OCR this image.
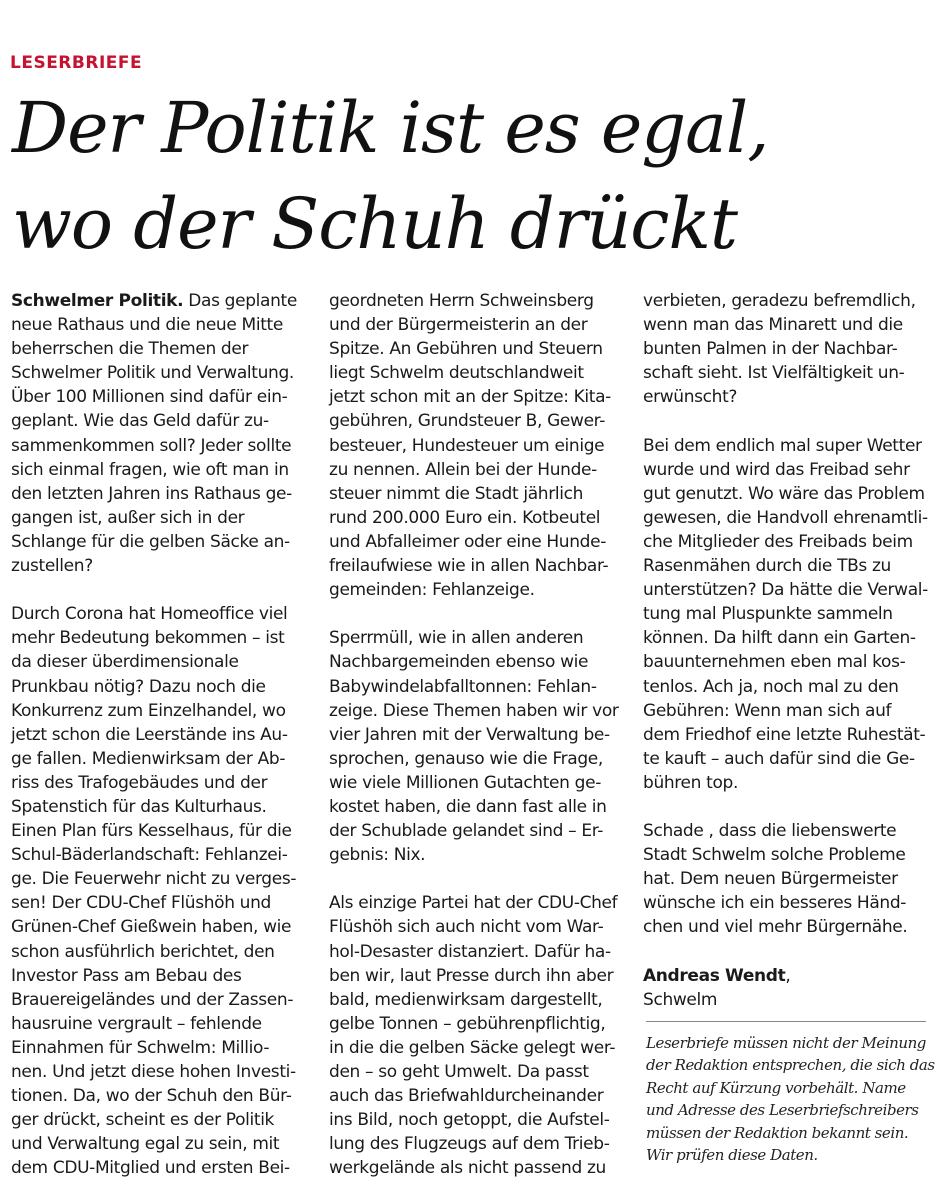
LESERBRIEFE
Der Politik ist es egal,
wo der Schuh drückt
Schwelmer Politik. Das geplante
neue Rathaus und die neue Mitte
beherrschen die Themen der
Schwelmer Politik und Verwaltung.
Über 100 Millionen sind dafür ein-
geplant. Wie das Geld dafür zu-
sammenkommen soll? Jeder sollte
sich einmal fragen, wie oft man in
den letzten Jahren ins Rathaus ge-
gangen ist, außer sich in der
Schlange für die gelben Säcke an-
zustellen?
Durch Corona hat Homeoffice viel
mehr Bedeutung bekommen – ist
da dieser überdimensionale
Prunkbau nötig? Dazu noch die
Konkurrenz zum Einzelhandel, wo
jetzt schon die Leerstände ins Au-
ge fallen. Medienwirksam der Ab-
riss des Trafogebäudes und der
Spatenstich für das Kulturhaus.
Einen Plan fürs Kesselhaus, für die
Schul-Bäderlandschaft: Fehlanzei-
ge. Die Feuerwehr nicht zu verges-
sen! Der CDU-Chef Flüshöh und
Grünen-Chef Gießwein haben, wie
schon ausführlich berichtet, den
Investor Pass am Bebau des
Brauereigeländes und der Zassen-
hausruine vergrault – fehlende
Einnahmen für Schwelm: Millio-
nen. Und jetzt diese hohen Investi-
tionen. Da, wo der Schuh den Bür-
ger drückt, scheint es der Politik
und Verwaltung egal zu sein, mit
dem CDU-Mitglied und ersten Bei-
geordneten Herrn Schweinsberg
und der Bürgermeisterin an der
Spitze. An Gebühren und Steuern
liegt Schwelm deutschlandweit
jetzt schon mit an der Spitze: Kita-
gebühren, Grundsteuer B, Gewer-
besteuer, Hundesteuer um einige
zu nennen. Allein bei der Hunde-
steuer nimmt die Stadt jährlich
rund 200.000 Euro ein. Kotbeutel
und Abfalleimer oder eine Hunde-
freilaufwiese wie in allen Nachbar-
gemeinden: Fehlanzeige.
Sperrmüll, wie in allen anderen
Nachbargemeinden ebenso wie
Babywindelabfalltonnen: Fehlan-
zeige. Diese Themen haben wir vor
vier Jahren mit der Verwaltung be-
sprochen, genauso wie die Frage,
wie viele Millionen Gutachten ge-
kostet haben, die dann fast alle in
der Schublade gelandet sind – Er-
gebnis: Nix.
Als einzige Partei hat der CDU-Chef
Flüshöh sich auch nicht vom War-
hol-Desaster distanziert. Dafür ha-
ben wir, laut Presse durch ihn aber
bald, medienwirksam dargestellt,
gelbe Tonnen – gebührenpflichtig,
in die die gelben Säcke gelegt wer-
den – so geht Umwelt. Da passt
auch das Briefwahldurcheinander
ins Bild, noch getoppt, die Aufstel-
lung des Flugzeugs auf dem Trieb-
werkgelände als nicht passend zu
verbieten, geradezu befremdlich,
wenn man das Minarett und die
bunten Palmen in der Nachbar-
schaft sieht. Ist Vielfältigkeit un-
erwünscht?
Bei dem endlich mal super Wetter
wurde und wird das Freibad sehr
gut genutzt. Wo wäre das Problem
gewesen, die Handvoll ehrenamtli-
che Mitglieder des Freibads beim
Rasenmähen durch die TBs zu
unterstützen? Da hätte die Verwal-
tung mal Pluspunkte sammeln
können. Da hilft dann ein Garten-
bauunternehmen eben mal kos-
tenlos. Ach ja, noch mal zu den
Gebühren: Wenn man sich auf
dem Friedhof eine letzte Ruhestät-
te kauft – auch dafür sind die Ge-
bühren top.
Schade , dass die liebenswerte
Stadt Schwelm solche Probleme
hat. Dem neuen Bürgermeister
wünsche ich ein besseres Händ-
chen und viel mehr Bürgernähe.
Andreas Wendt,
Schwelm
Leserbriefe müssen nicht der Meinung
der Redaktion entsprechen, die sich das
Recht auf Kürzung vorbehält. Name
und Adresse des Leserbriefschreibers
müssen der Redaktion bekannt sein.
Wir prüfen diese Daten.
